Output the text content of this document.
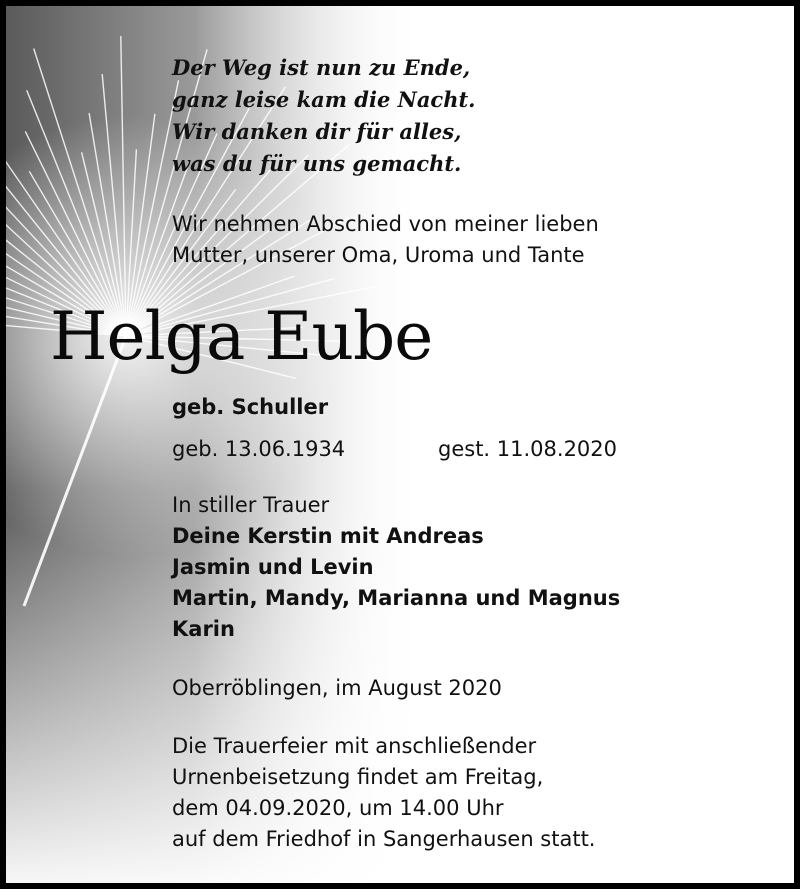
Der Weg ist nun zu Ende,
ganz leise kam die Nacht.
Wir danken dir für alles,
was du für uns gemacht.
Wir nehmen Abschied von meiner lieben
Mutter, unserer Oma, Uroma und Tante
geb. Schuller
geb. 13.06.1934	gest. 11.08.2020
In stiller Trauer
Deine Kerstin mit Andreas
Jasmin und Levin
Martin, Mandy, Marianna und Magnus
Karin
Oberröblingen, im August 2020
Die Trauerfeier mit anschließender
Urnenbeisetzung findet am Freitag,
dem 04.09.2020, um 14.00 Uhr
auf dem Friedhof in Sangerhausen statt.
Helga Eube
